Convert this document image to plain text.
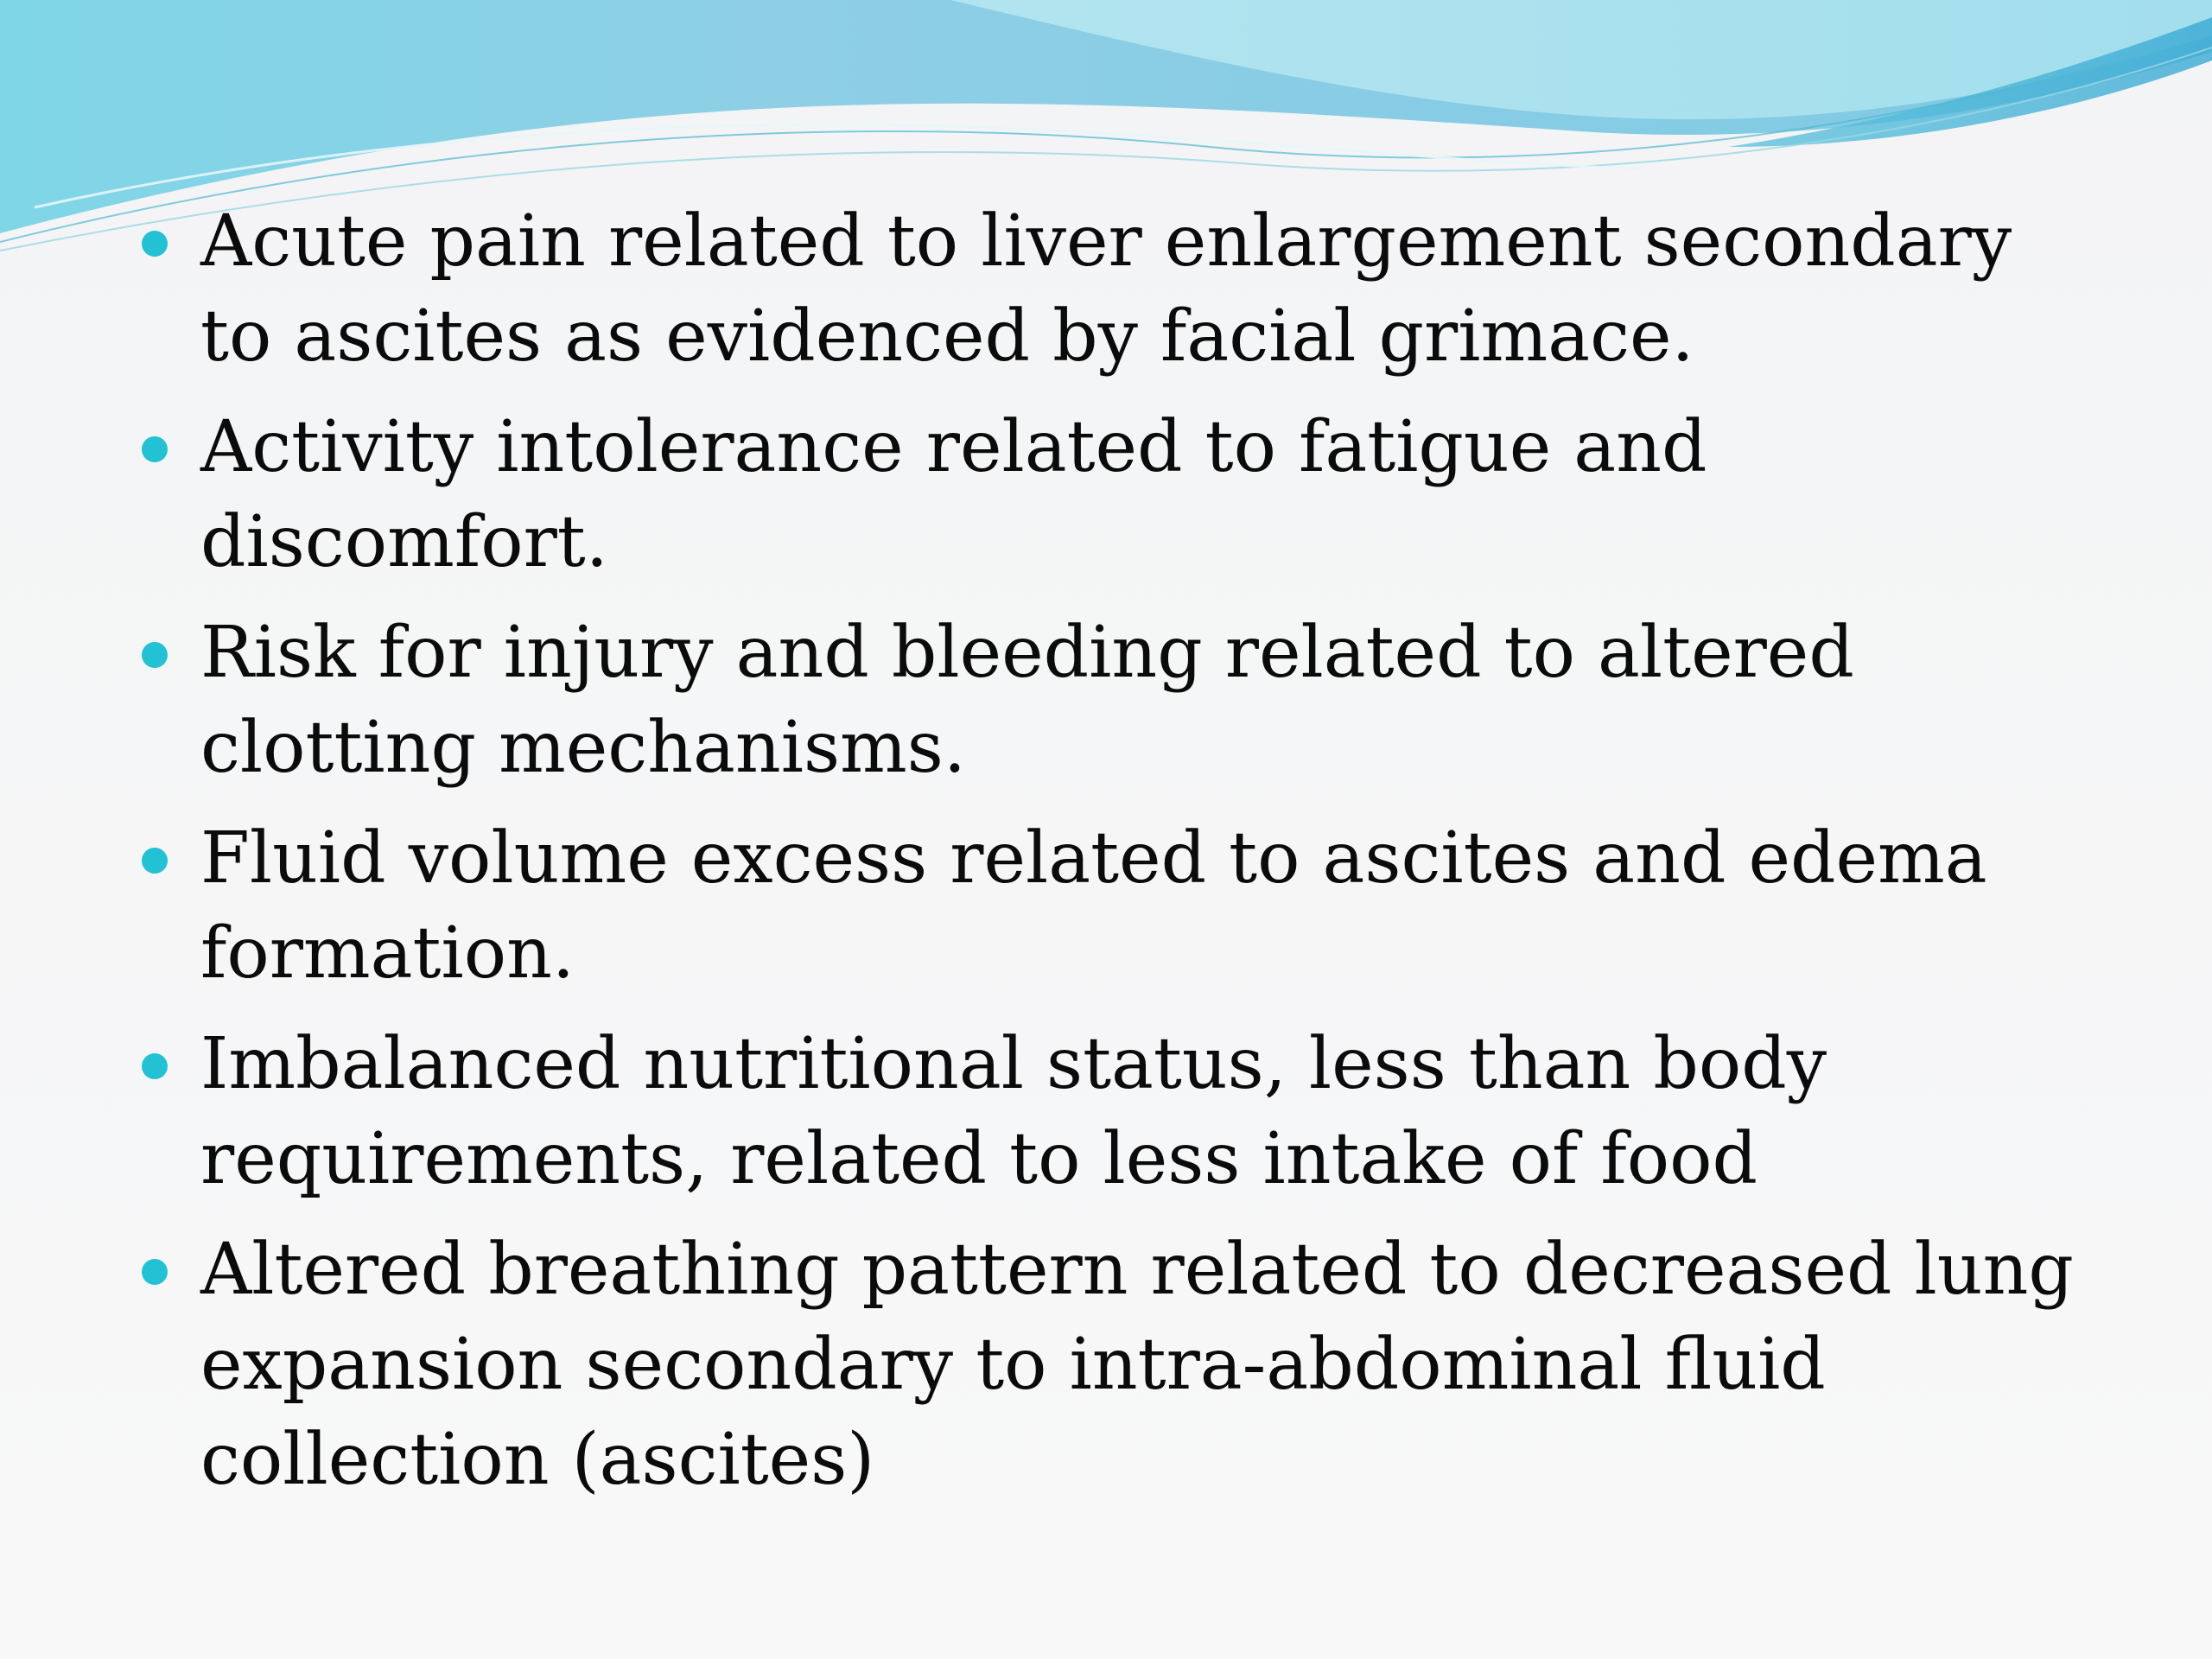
Acute pain related to liver enlargement secondary to ascites as evidenced by facial grimace.
Activity intolerance related to fatigue and discomfort.
Risk for injury and bleeding related to altered clotting mechanisms.
Fluid volume excess related to ascites and edema formation.
Imbalanced nutritional status, less than body requirements, related to less intake of food
Altered breathing pattern related to decreased lung expansion secondary to intra-abdominal fluid collection (ascites)
